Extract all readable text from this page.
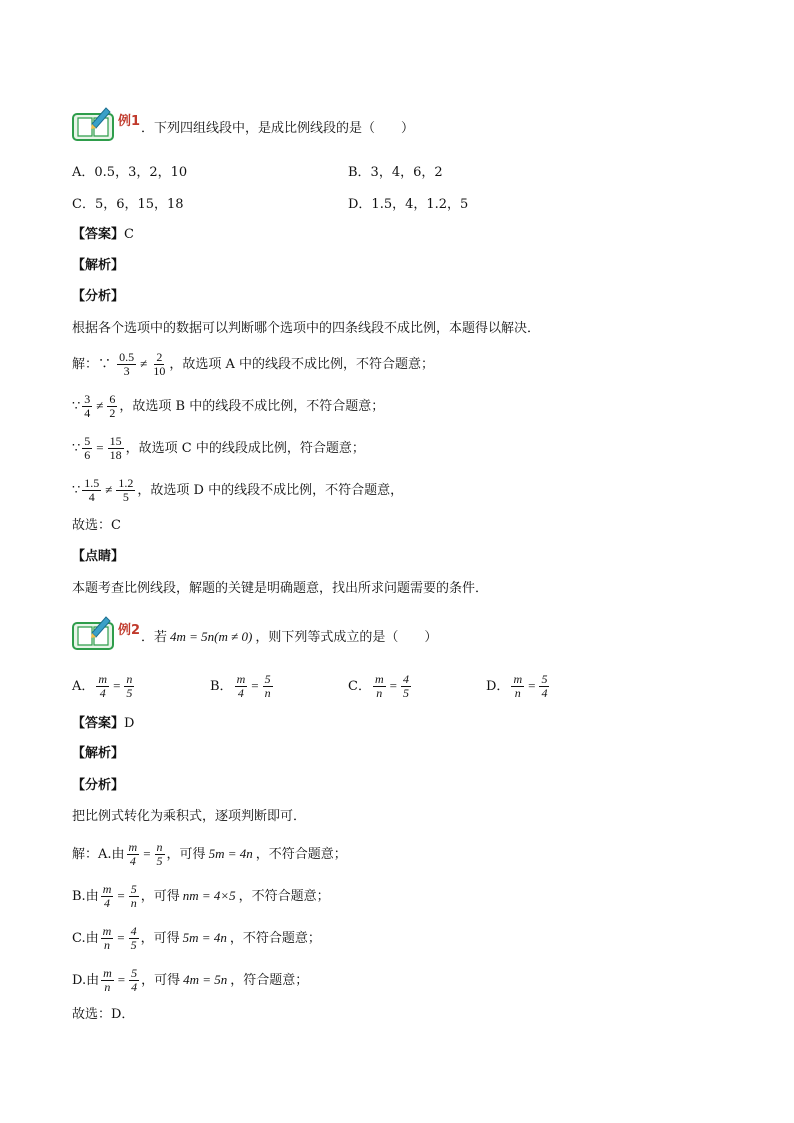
例1 ．下列四组线段中，是成比例线段的是（　　）
A．0.5，3，2，10	B．3，4，6，2
C．5，6，15，18	D．1.5，4，1.2，5
【答案】C
【解析】
【分析】
根据各个选项中的数据可以判断哪个选项中的四条线段不成比例，本题得以解决．
解：∵ $\frac{0.5}{3} \ne \frac{2}{10}$ ，故选项 A 中的线段不成比例，不符合题意；
∵ $\frac{3}{4} \ne \frac{6}{2}$ ，故选项 B 中的线段不成比例，不符合题意；
∵ $\frac{5}{6} = \frac{15}{18}$ ，故选项 C 中的线段成比例，符合题意；
∵ $\frac{1.5}{4} \ne \frac{1.2}{5}$ ，故选项 D 中的线段不成比例，不符合题意，
故选：C
【点睛】
本题考查比例线段，解题的关键是明确题意，找出所求问题需要的条件．
例2 ．若 4m = 5n(m ≠ 0) ，则下列等式成立的是（　　）
A． $\frac{m}{4} = \frac{n}{5}$	B． $\frac{m}{4} = \frac{5}{n}$	C． $\frac{m}{n} = \frac{4}{5}$	D． $\frac{m}{n} = \frac{5}{4}$
【答案】D
【解析】
【分析】
把比例式转化为乘积式，逐项判断即可．
解：A.由 $\frac{m}{4} = \frac{n}{5}$ ，可得 5m = 4n ，不符合题意；
B.由 $\frac{m}{4} = \frac{5}{n}$ ，可得 nm = 4×5 ，不符合题意；
C.由 $\frac{m}{n} = \frac{4}{5}$ ，可得 5m = 4n ，不符合题意；
D.由 $\frac{m}{n} = \frac{5}{4}$ ，可得 4m = 5n ，符合题意；
故选：D．
